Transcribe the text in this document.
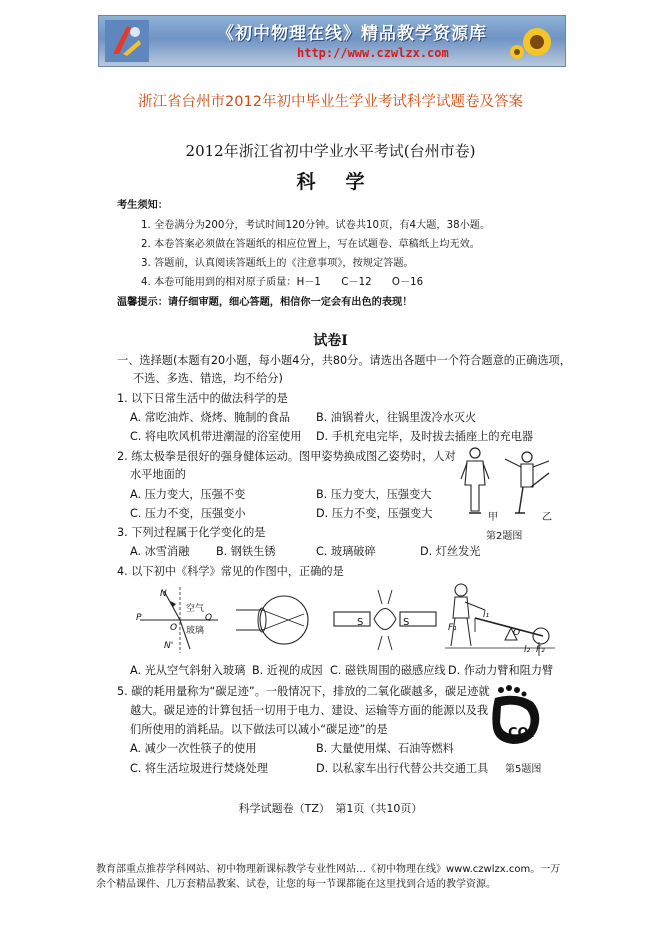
《初中物理在线》精品教学资源库
http://www.czwlzx.com
浙江省台州市2012年初中毕业生学业考试科学试题卷及答案
2012年浙江省初中学业水平考试(台州市卷)
科学
考生须知：
1. 全卷满分为200分，考试时间120分钟。试卷共10页，有4大题，38小题。
2. 本卷答案必须做在答题纸的相应位置上，写在试题卷、草稿纸上均无效。
3. 答题前，认真阅读答题纸上的《注意事项》，按规定答题。
4. 本卷可能用到的相对原子质量：H－1　　C－12　　O－16
温馨提示：请仔细审题，细心答题，相信你一定会有出色的表现！
试卷Ⅰ
一、选择题(本题有20小题，每小题4分，共80分。请选出各题中一个符合题意的正确选项，
不选、多选、错选，均不给分)
1. 以下日常生活中的做法科学的是
A. 常吃油炸、烧烤、腌制的食品 B. 油锅着火，往锅里泼冷水灭火
C. 将电吹风机带进潮湿的浴室使用 D. 手机充电完毕，及时拔去插座上的充电器
2. 练太极拳是很好的强身健体运动。图甲姿势换成图乙姿势时，人对
水平地面的
A. 压力变大，压强不变	B. 压力变大，压强变大
C. 压力不变，压强变小	D. 压力不变，压强变大	甲	乙
第2题图
3. 下列过程属于化学变化的是
A. 冰雪消融 B. 钢铁生锈	C. 玻璃破碎	D. 灯丝发光
4. 以下初中《科学》常见的作图中，正确的是
N
P
O
空气
Q
玻璃
N'
S	S	F₁
l₁
O
l₂ F₂
A. 光从空气斜射入玻璃 B. 近视的成因 C. 磁铁周围的磁感应线 D. 作动力臂和阻力臂
5. 碳的耗用量称为“碳足迹”。一般情况下，排放的二氧化碳越多，碳足迹就
越大。碳足迹的计算包括一切用于电力、建设、运输等方面的能源以及我
们所使用的消耗品。以下做法可以减小“碳足迹”的是
A. 减少一次性筷子的使用	B. 大量使用煤、石油等燃料
C. 将生活垃圾进行焚烧处理	D. 以私家车出行代替公共交通工具
CO₂
第5题图
科学试题卷（TZ）　第1页（共10页）
教育部重点推荐学科网站、初中物理新课标教学专业性网站…《初中物理在线》www.czwlzx.com。一万余个精品课件、几万套精品教案、试卷，让您的每一节课都能在这里找到合适的教学资源。
